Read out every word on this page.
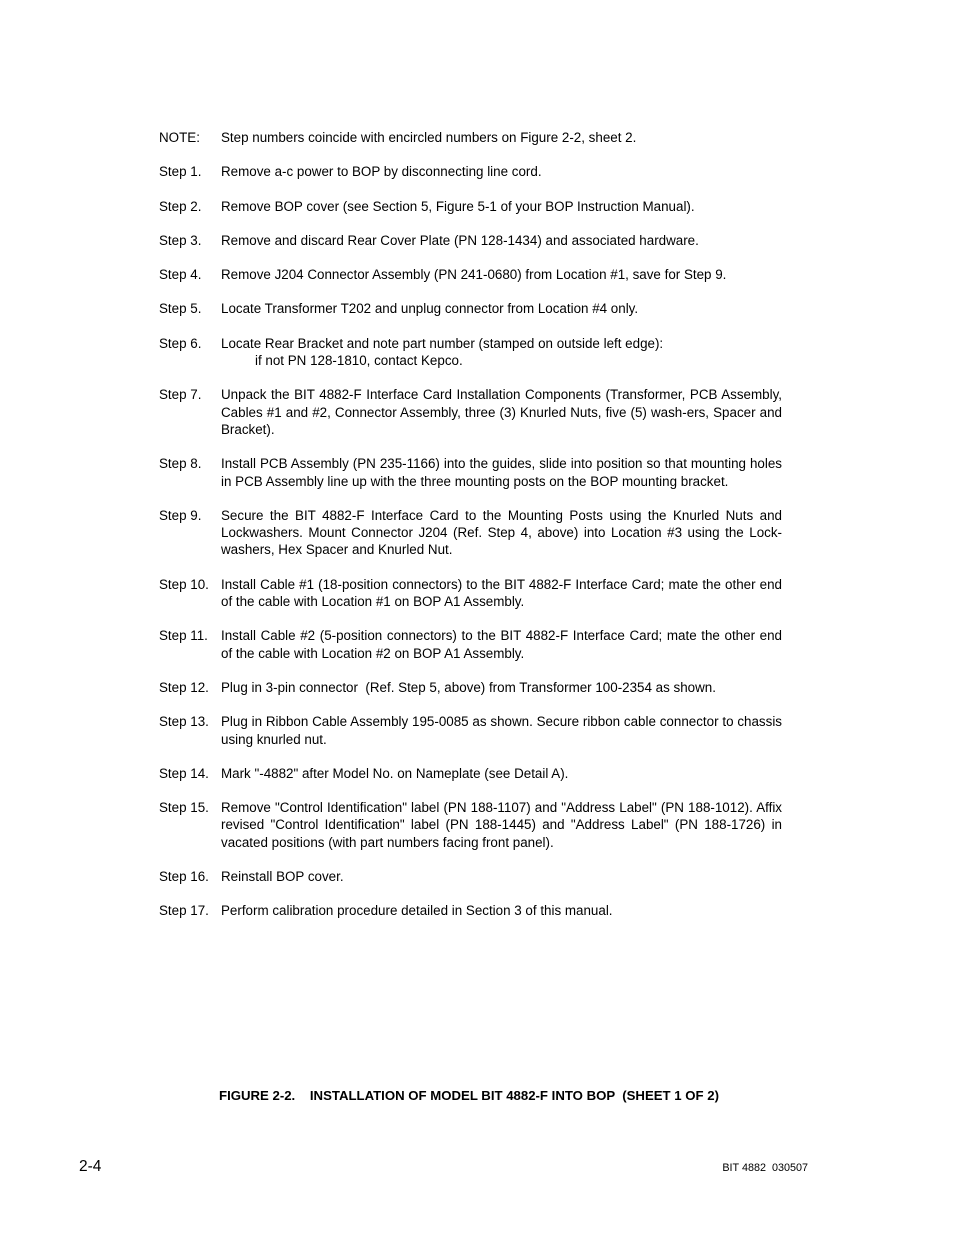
NOTE:	Step numbers coincide with encircled numbers on Figure 2-2, sheet 2.
Step 1.	Remove a-c power to BOP by disconnecting line cord.
Step 2.	Remove BOP cover (see Section 5, Figure 5-1 of your BOP Instruction Manual).
Step 3.	Remove and discard Rear Cover Plate (PN 128-1434) and associated hardware.
Step 4.	Remove J204 Connector Assembly (PN 241-0680) from Location #1, save for Step 9.
Step 5.	Locate Transformer T202 and unplug connector from Location #4 only.
Step 6.	Locate Rear Bracket and note part number (stamped on outside left edge):
if not PN 128-1810, contact Kepco.
Step 7.	Unpack the BIT 4882-F Interface Card Installation Components (Transformer, PCB Assembly, Cables #1 and #2, Connector Assembly, three (3) Knurled Nuts, five (5) wash-ers, Spacer and Bracket).
Step 8.	Install PCB Assembly (PN 235-1166) into the guides, slide into position so that mounting holes in PCB Assembly line up with the three mounting posts on the BOP mounting bracket.
Step 9.	Secure the BIT 4882-F Interface Card to the Mounting Posts using the Knurled Nuts and Lockwashers. Mount Connector J204 (Ref. Step 4, above) into Location #3 using the Lock-washers, Hex Spacer and Knurled Nut.
Step 10. Install Cable #1 (18-position connectors) to the BIT 4882-F Interface Card; mate the other end of the cable with Location #1 on BOP A1 Assembly.
Step 11. Install Cable #2 (5-position connectors) to the BIT 4882-F Interface Card; mate the other end of the cable with Location #2 on BOP A1 Assembly.
Step 12. Plug in 3-pin connector  (Ref. Step 5, above) from Transformer 100-2354 as shown.
Step 13. Plug in Ribbon Cable Assembly 195-0085 as shown. Secure ribbon cable connector to chassis using knurled nut.
Step 14. Mark "-4882" after Model No. on Nameplate (see Detail A).
Step 15. Remove "Control Identification" label (PN 188-1107) and "Address Label" (PN 188-1012). Affix revised "Control Identification" label (PN 188-1445) and "Address Label" (PN 188-1726) in vacated positions (with part numbers facing front panel).
Step 16. Reinstall BOP cover.
Step 17. Perform calibration procedure detailed in Section 3 of this manual.
FIGURE 2-2.    INSTALLATION OF MODEL BIT 4882-F INTO BOP  (SHEET 1 OF 2)
2-4	BIT 4882  030507
